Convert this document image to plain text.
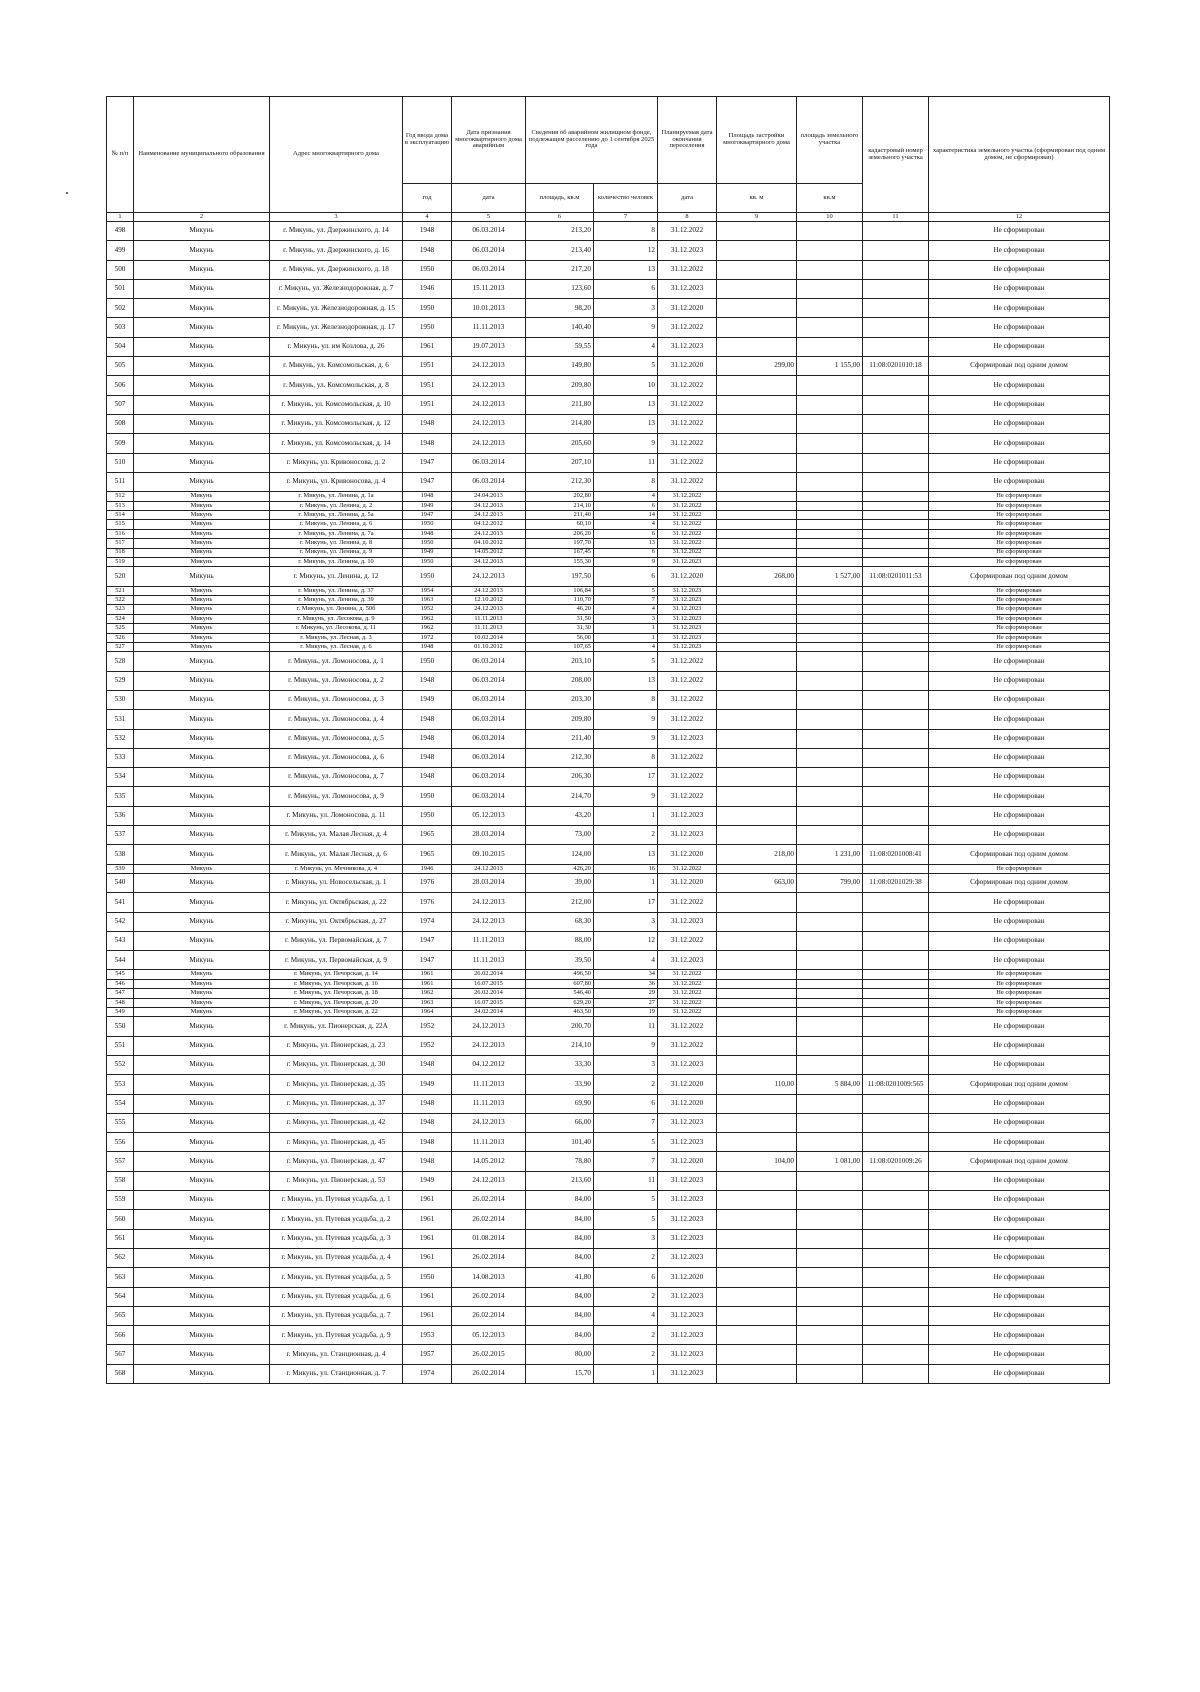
№ п/п	Наименование муниципального образования	Адрес многоквартирного дома	Год ввода дома в эксплуатацию	Дата признания многоквартирного дома аварийным	Сведения об аварийном жилищном фонде, подлежащем расселению до 1 сентября 2025 года		Планируемая дата окончания переселения	Площадь застройки многоквартирного дома	площадь земельного участка	кадастровый номер земельного участка	характеристика земельного участка (сформирован под одним домом, не сформирован)
			год	дата	площадь, кв.м	количество человек	дата	кв. м	кв.м		
1	2	3	4	5	6	7	8	9	10	11	12
498	Микунь	г. Микунь, ул. Дзержинского, д. 14	1948	06.03.2014	213,20	8	31.12.2022				Не сформирован
499	Микунь	г. Микунь, ул. Дзержинского, д. 16	1948	06.03.2014	213,40	12	31.12.2023				Не сформирован
500	Микунь	г. Микунь, ул. Дзержинского, д. 18	1950	06.03.2014	217,20	13	31.12.2022				Не сформирован
501	Микунь	г. Микунь, ул. Железнодорожная, д. 7	1946	15.11.2013	123,60	6	31.12.2023				Не сформирован
502	Микунь	г. Микунь, ул. Железнодорожная, д. 15	1950	10.01.2013	98,20	3	31.12.2020				Не сформирован
503	Микунь	г. Микунь, ул. Железнодорожная, д. 17	1950	11.11.2013	140,40	9	31.12.2022				Не сформирован
504	Микунь	г. Микунь, ул. им Козлова, д. 26	1961	19.07.2013	59,55	4	31.12.2023				Не сформирован
505	Микунь	г. Микунь, ул. Комсомольская, д. 6	1951	24.12.2013	149,80	5	31.12.2020	299,00	1 155,00	11:08:0201010:18	Сформирован под одним домом
506	Микунь	г. Микунь, ул. Комсомольская, д. 8	1951	24.12.2013	209,80	10	31.12.2022				Не сформирован
507	Микунь	г. Микунь, ул. Комсомольская, д. 10	1951	24.12.2013	211,80	13	31.12.2022				Не сформирован
508	Микунь	г. Микунь, ул. Комсомольская, д. 12	1948	24.12.2013	214,80	13	31.12.2022				Не сформирован
509	Микунь	г. Микунь, ул. Комсомольская, д. 14	1948	24.12.2013	205,60	9	31.12.2022				Не сформирован
510	Микунь	г. Микунь, ул. Кривоносова, д. 2	1947	06.03.2014	207,10	11	31.12.2022				Не сформирован
511	Микунь	г. Микунь, ул. Кривоносова, д. 4	1947	06.03.2014	212,30	8	31.12.2022				Не сформирован
512	Микунь	г. Микунь, ул. Ленина, д. 1а	1948	24.04.2013	202,80	4	31.12.2022				Не сформирован
513	Микунь	г. Микунь, ул. Ленина, д. 2	1949	24.12.2013	214,10	6	31.12.2022				Не сформирован
514	Микунь	г. Микунь, ул. Ленина, д. 5а	1947	24.12.2013	211,40	14	31.12.2022				Не сформирован
515	Микунь	г. Микунь, ул. Ленина, д. 6	1950	04.12.2012	60,10	4	31.12.2022				Не сформирован
516	Микунь	г. Микунь, ул. Ленина, д. 7а	1948	24.12.2013	206,20	6	31.12.2022				Не сформирован
517	Микунь	г. Микунь, ул. Ленина, д. 8	1950	04.10.2012	197,70	13	31.12.2022				Не сформирован
518	Микунь	г. Микунь, ул. Ленина, д. 9	1949	14.05.2012	167,45	6	31.12.2022				Не сформирован
519	Микунь	г. Микунь, ул. Ленина, д. 10	1950	24.12.2013	155,30	9	31.12.2023				Не сформирован
520	Микунь	г. Микунь, ул. Ленина, д. 12	1950	24.12.2013	197,50	6	31.12.2020	268,00	1 527,00	11:08:0201011:53	Сформирован под одним домом
521	Микунь	г. Микунь, ул. Ленина, д. 37	1954	24.12.2013	106,84	5	31.12.2023				Не сформирован
522	Микунь	г. Микунь, ул. Ленина, д. 39	1963	12.10.2012	110,70	7	31.12.2023				Не сформирован
523	Микунь	г. Микунь, ул. Ленина, д. 50б	1952	24.12.2013	46,20	4	31.12.2023				Не сформирован
524	Микунь	г. Микунь, ул. Лесокова, д. 9	1962	11.11.2013	31,50	3	31.12.2023				Не сформирован
525	Микунь	г. Микунь, ул. Лесокова, д. 11	1962	11.11.2013	31,30	1	31.12.2023				Не сформирован
526	Микунь	г. Микунь, ул. Лесная, д. 3	1972	10.02.2014	56,00	1	31.12.2023				Не сформирован
527	Микунь	г. Микунь, ул. Лесная, д. 6	1948	01.10.2012	107,65	4	31.12.2023				Не сформирован
528	Микунь	г. Микунь, ул. Ломоносова, д. 1	1950	06.03.2014	203,10	5	31.12.2022				Не сформирован
529	Микунь	г. Микунь, ул. Ломоносова, д. 2	1948	06.03.2014	208,00	13	31.12.2022				Не сформирован
530	Микунь	г. Микунь, ул. Ломоносова, д. 3	1949	06.03.2014	203,30	8	31.12.2022				Не сформирован
531	Микунь	г. Микунь, ул. Ломоносова, д. 4	1948	06.03.2014	209,80	9	31.12.2022				Не сформирован
532	Микунь	г. Микунь, ул. Ломоносова, д. 5	1948	06.03.2014	211,40	9	31.12.2023				Не сформирован
533	Микунь	г. Микунь, ул. Ломоносова, д. 6	1948	06.03.2014	212,30	8	31.12.2022				Не сформирован
534	Микунь	г. Микунь, ул. Ломоносова, д. 7	1948	06.03.2014	206,30	17	31.12.2022				Не сформирован
535	Микунь	г. Микунь, ул. Ломоносова, д. 9	1950	06.03.2014	214,70	9	31.12.2022				Не сформирован
536	Микунь	г. Микунь, ул. Ломоносова, д. 11	1950	05.12.2013	43,20	1	31.12.2023				Не сформирован
537	Микунь	г. Микунь, ул. Малая Лесная, д. 4	1965	28.03.2014	73,00	2	31.12.2023				Не сформирован
538	Микунь	г. Микунь, ул. Малая Лесная, д. 6	1965	09.10.2015	124,00	13	31.12.2020	218,00	1 231,00	11:08:0201008:41	Сформирован под одним домом
539	Микунь	г. Микунь, ул. Мечникова, д. 4	1946	24.12.2013	426,20	16	31.12.2022				Не сформирован
540	Микунь	г. Микунь, ул. Новосельская, д. 1	1976	28.03.2014	39,00	1	31.12.2020	663,00	799,00	11:08:0201029:38	Сформирован под одним домом
541	Микунь	г. Микунь, ул. Октябрьская, д. 22	1976	24.12.2013	212,00	17	31.12.2022				Не сформирован
542	Микунь	г. Микунь, ул. Октябрьская, д. 27	1974	24.12.2013	68,30	3	31.12.2023				Не сформирован
543	Микунь	г. Микунь, ул. Первомайская, д. 7	1947	11.11.2013	88,00	12	31.12.2022				Не сформирован
544	Микунь	г. Микунь, ул. Первомайская, д. 9	1947	11.11.2013	39,50	4	31.12.2023				Не сформирован
545	Микунь	г. Микунь, ул. Печорская, д. 14	1961	26.02.2014	496,50	34	31.12.2022				Не сформирован
546	Микунь	г. Микунь, ул. Печорская, д. 16	1961	16.07.2015	607,80	36	31.12.2022				Не сформирован
547	Микунь	г. Микунь, ул. Печорская, д. 18	1962	26.02.2014	546,40	29	31.12.2022				Не сформирован
548	Микунь	г. Микунь, ул. Печорская, д. 20	1963	16.07.2015	629,20	27	31.12.2022				Не сформирован
549	Микунь	г. Микунь, ул. Печорская, д. 22	1964	24.02.2014	463,50	19	31.12.2022				Не сформирован
550	Микунь	г. Микунь, ул. Пионерская, д. 22А	1952	24.12.2013	200,70	11	31.12.2022				Не сформирован
551	Микунь	г. Микунь, ул. Пионерская, д. 23	1952	24.12.2013	214,10	9	31.12.2022				Не сформирован
552	Микунь	г. Микунь, ул. Пионерская, д. 30	1948	04.12.2012	33,30	3	31.12.2023				Не сформирован
553	Микунь	г. Микунь, ул. Пионерская, д. 35	1949	11.11.2013	33,90	2	31.12.2020	110,00	5 884,00	11:08:0201009:565	Сформирован под одним домом
554	Микунь	г. Микунь, ул. Пионерская, д. 37	1948	11.11.2013	69,90	6	31.12.2020				Не сформирован
555	Микунь	г. Микунь, ул. Пионерская, д. 42	1948	24.12.2013	66,00	7	31.12.2023				Не сформирован
556	Микунь	г. Микунь, ул. Пионерская, д. 45	1948	11.11.2013	101,40	5	31.12.2023				Не сформирован
557	Микунь	г. Микунь, ул. Пионерская, д. 47	1948	14.05.2012	78,80	7	31.12.2020	104,00	1 081,00	11:08:0201009:26	Сформирован под одним домом
558	Микунь	г. Микунь, ул. Пионерская, д. 53	1949	24.12.2013	213,60	11	31.12.2023				Не сформирован
559	Микунь	г. Микунь, ул. Путевая усадьба, д. 1	1961	26.02.2014	84,00	5	31.12.2023				Не сформирован
560	Микунь	г. Микунь, ул. Путевая усадьба, д. 2	1961	26.02.2014	84,00	5	31.12.2023				Не сформирован
561	Микунь	г. Микунь, ул. Путевая усадьба, д. 3	1961	01.08.2014	84,00	3	31.12.2023				Не сформирован
562	Микунь	г. Микунь, ул. Путевая усадьба, д. 4	1961	26.02.2014	84,00	2	31.12.2023				Не сформирован
563	Микунь	г. Микунь, ул. Путевая усадьба, д. 5	1950	14.08.2013	41,80	6	31.12.2020				Не сформирован
564	Микунь	г. Микунь, ул. Путевая усадьба, д. 6	1961	26.02.2014	84,00	2	31.12.2023				Не сформирован
565	Микунь	г. Микунь, ул. Путевая усадьба, д. 7	1961	26.02.2014	84,00	4	31.12.2023				Не сформирован
566	Микунь	г. Микунь, ул. Путевая усадьба, д. 9	1953	05.12.2013	84,00	2	31.12.2023				Не сформирован
567	Микунь	г. Микунь, ул. Станционная, д. 4	1957	26.02.2015	80,00	2	31.12.2023				Не сформирован
568	Микунь	г. Микунь, ул. Станционная, д. 7	1974	26.02.2014	15,70	1	31.12.2023				Не сформирован
